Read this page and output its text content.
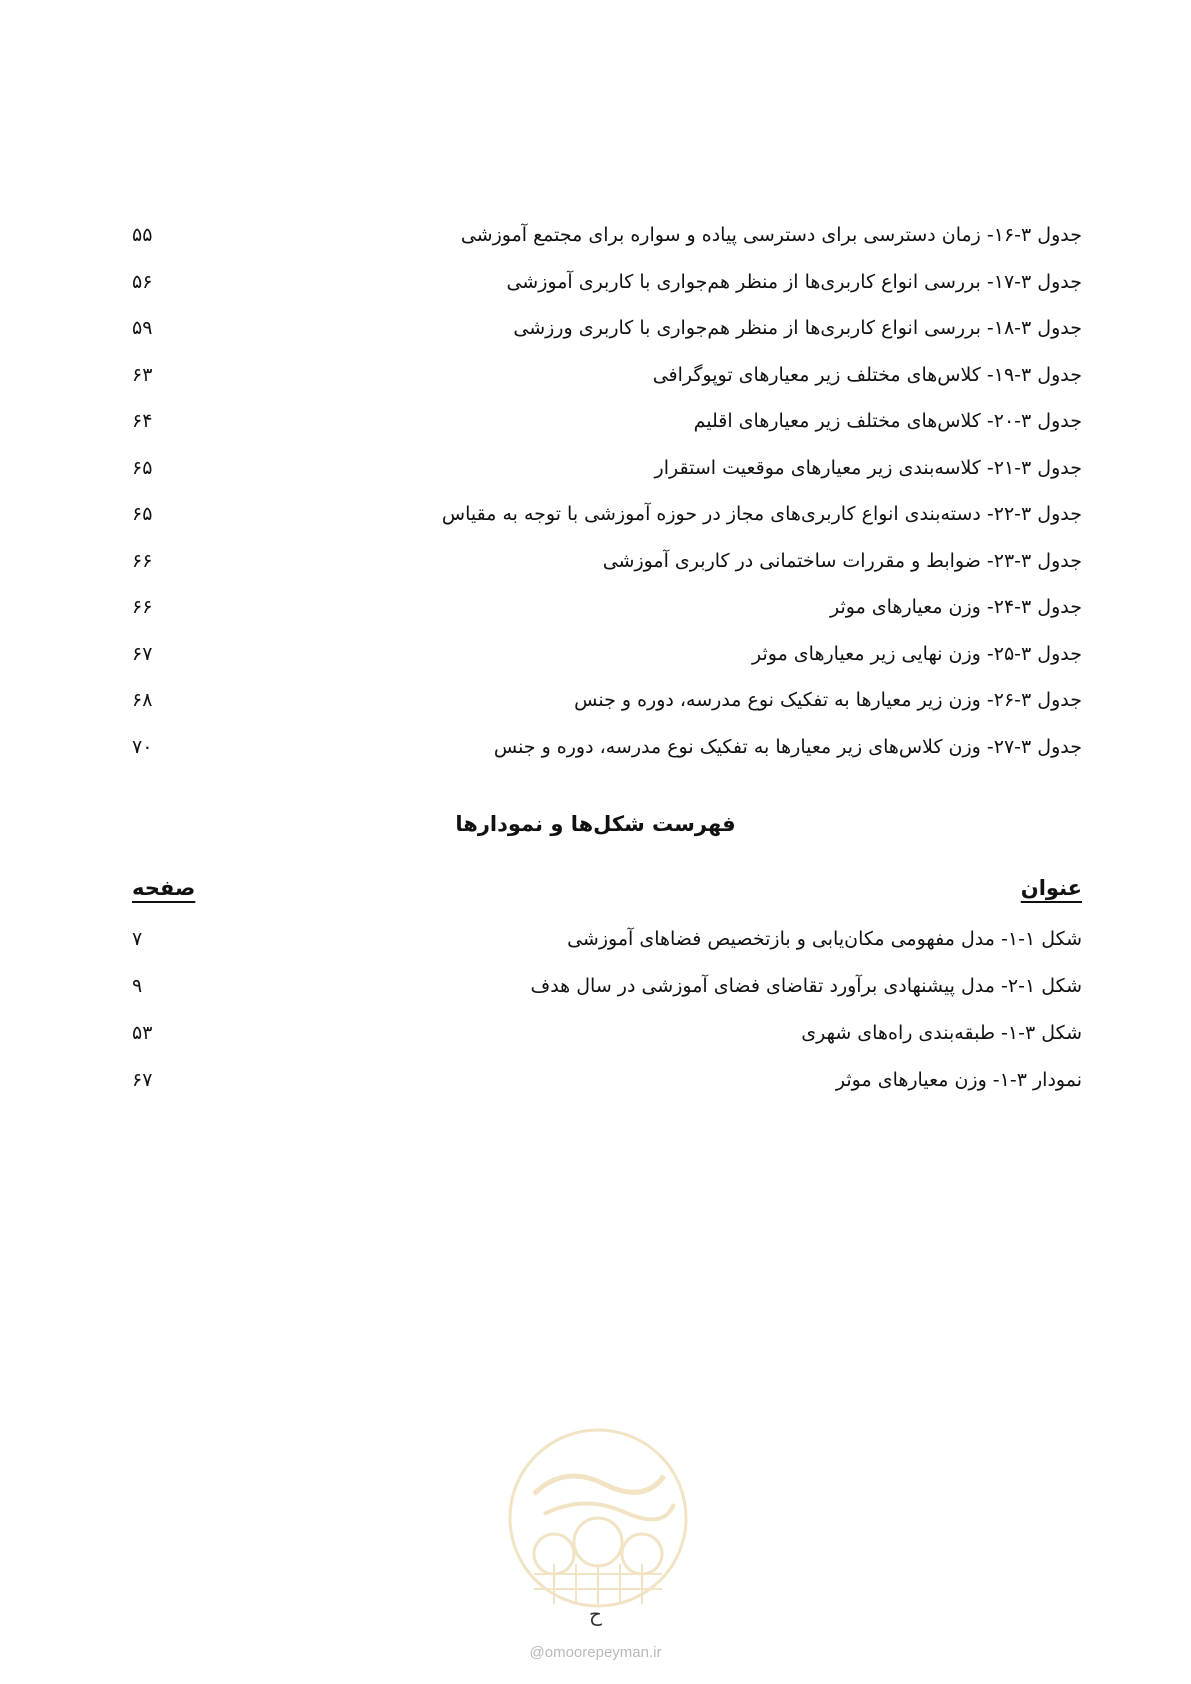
جدول ۳-۱۶- زمان دسترسی برای دسترسی پیاده و سواره برای مجتمع آموزشی
۵۵
جدول ۳-۱۷- بررسی انواع کاربری‌ها از منظر هم‌جواری با کاربری آموزشی
۵۶
جدول ۳-۱۸- بررسی انواع کاربری‌ها از منظر هم‌جواری با کاربری ورزشی
۵۹
جدول ۳-۱۹- کلاس‌های مختلف زیر معیارهای توپوگرافی
۶۳
جدول ۳-۲۰- کلاس‌های مختلف زیر معیارهای اقلیم
۶۴
جدول ۳-۲۱- کلاسه‌بندی زیر معیارهای موقعیت استقرار
۶۵
جدول ۳-۲۲- دسته‌بندی انواع کاربری‌های مجاز در حوزه آموزشی با توجه به مقیاس
۶۵
جدول ۳-۲۳- ضوابط و مقررات ساختمانی در کاربری آموزشی
۶۶
جدول ۳-۲۴- وزن معیارهای موثر
۶۶
جدول ۳-۲۵- وزن نهایی زیر معیارهای موثر
۶۷
جدول ۳-۲۶- وزن زیر معیارها به تفکیک نوع مدرسه، دوره و جنس
۶۸
جدول ۳-۲۷- وزن کلاس‌های زیر معیارها به تفکیک نوع مدرسه، دوره و جنس
۷۰
فهرست شکل‌ها و نمودارها
عنوان
صفحه
شکل ۱-۱- مدل مفهومی مکان‌یابی و بازتخصیص فضاهای آموزشی
۷
شکل ۱-۲- مدل پیشنهادی برآورد تقاضای فضای آموزشی در سال هدف
۹
شکل ۳-۱- طبقه‌بندی راه‌های شهری
۵۳
نمودار ۳-۱- وزن معیارهای موثر
۶۷
ح
@omoorepeyman.ir
